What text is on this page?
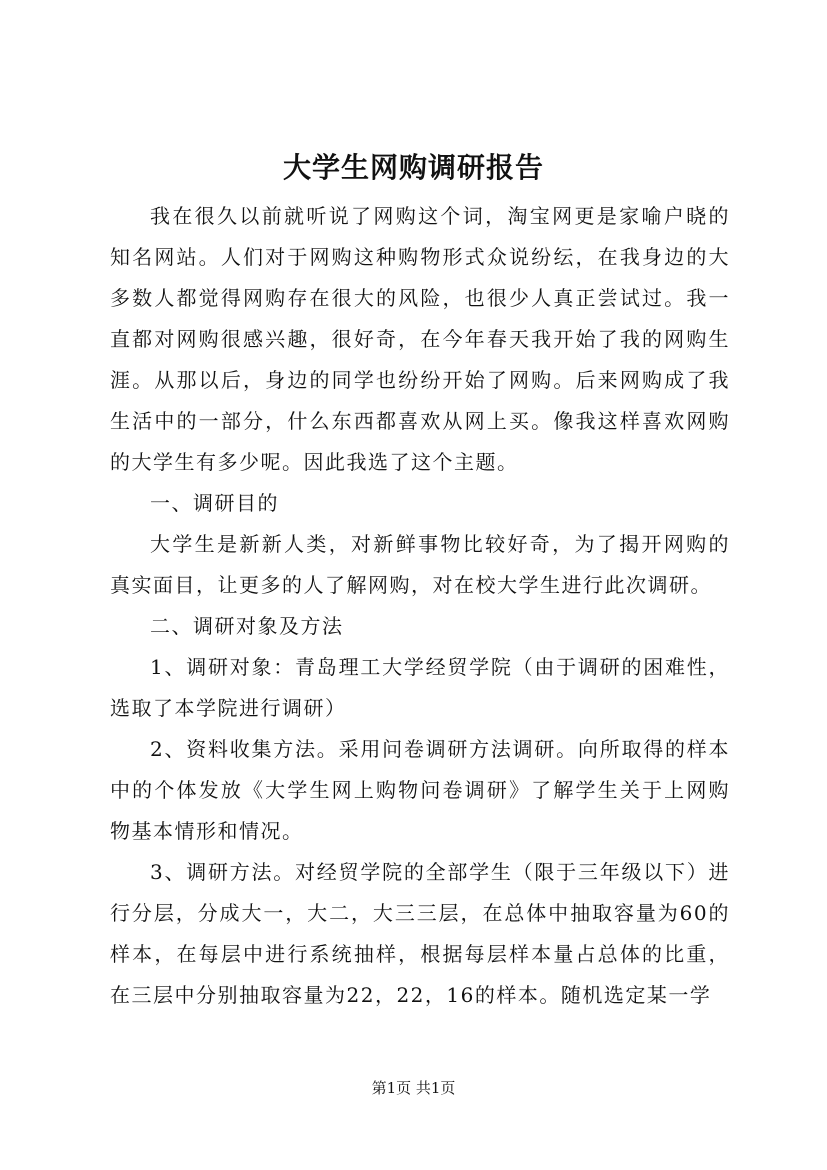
大学生网购调研报告

我在很久以前就听说了网购这个词，淘宝网更是家喻户晓的知名网站。人们对于网购这种购物形式众说纷纭，在我身边的大多数人都觉得网购存在很大的风险，也很少人真正尝试过。我一直都对网购很感兴趣，很好奇，在今年春天我开始了我的网购生涯。从那以后，身边的同学也纷纷开始了网购。后来网购成了我生活中的一部分，什么东西都喜欢从网上买。像我这样喜欢网购的大学生有多少呢。因此我选了这个主题。

一、调研目的

大学生是新新人类，对新鲜事物比较好奇，为了揭开网购的真实面目，让更多的人了解网购，对在校大学生进行此次调研。

二、调研对象及方法

1、调研对象：青岛理工大学经贸学院（由于调研的困难性，选取了本学院进行调研）

2、资料收集方法。采用问卷调研方法调研。向所取得的样本中的个体发放《大学生网上购物问卷调研》了解学生关于上网购物基本情形和情况。

3、调研方法。对经贸学院的全部学生（限于三年级以下）进行分层，分成大一，大二，大三三层，在总体中抽取容量为60的样本，在每层中进行系统抽样，根据每层样本量占总体的比重，在三层中分别抽取容量为22，22，16的样本。随机选定某一学

第1页 共1页
